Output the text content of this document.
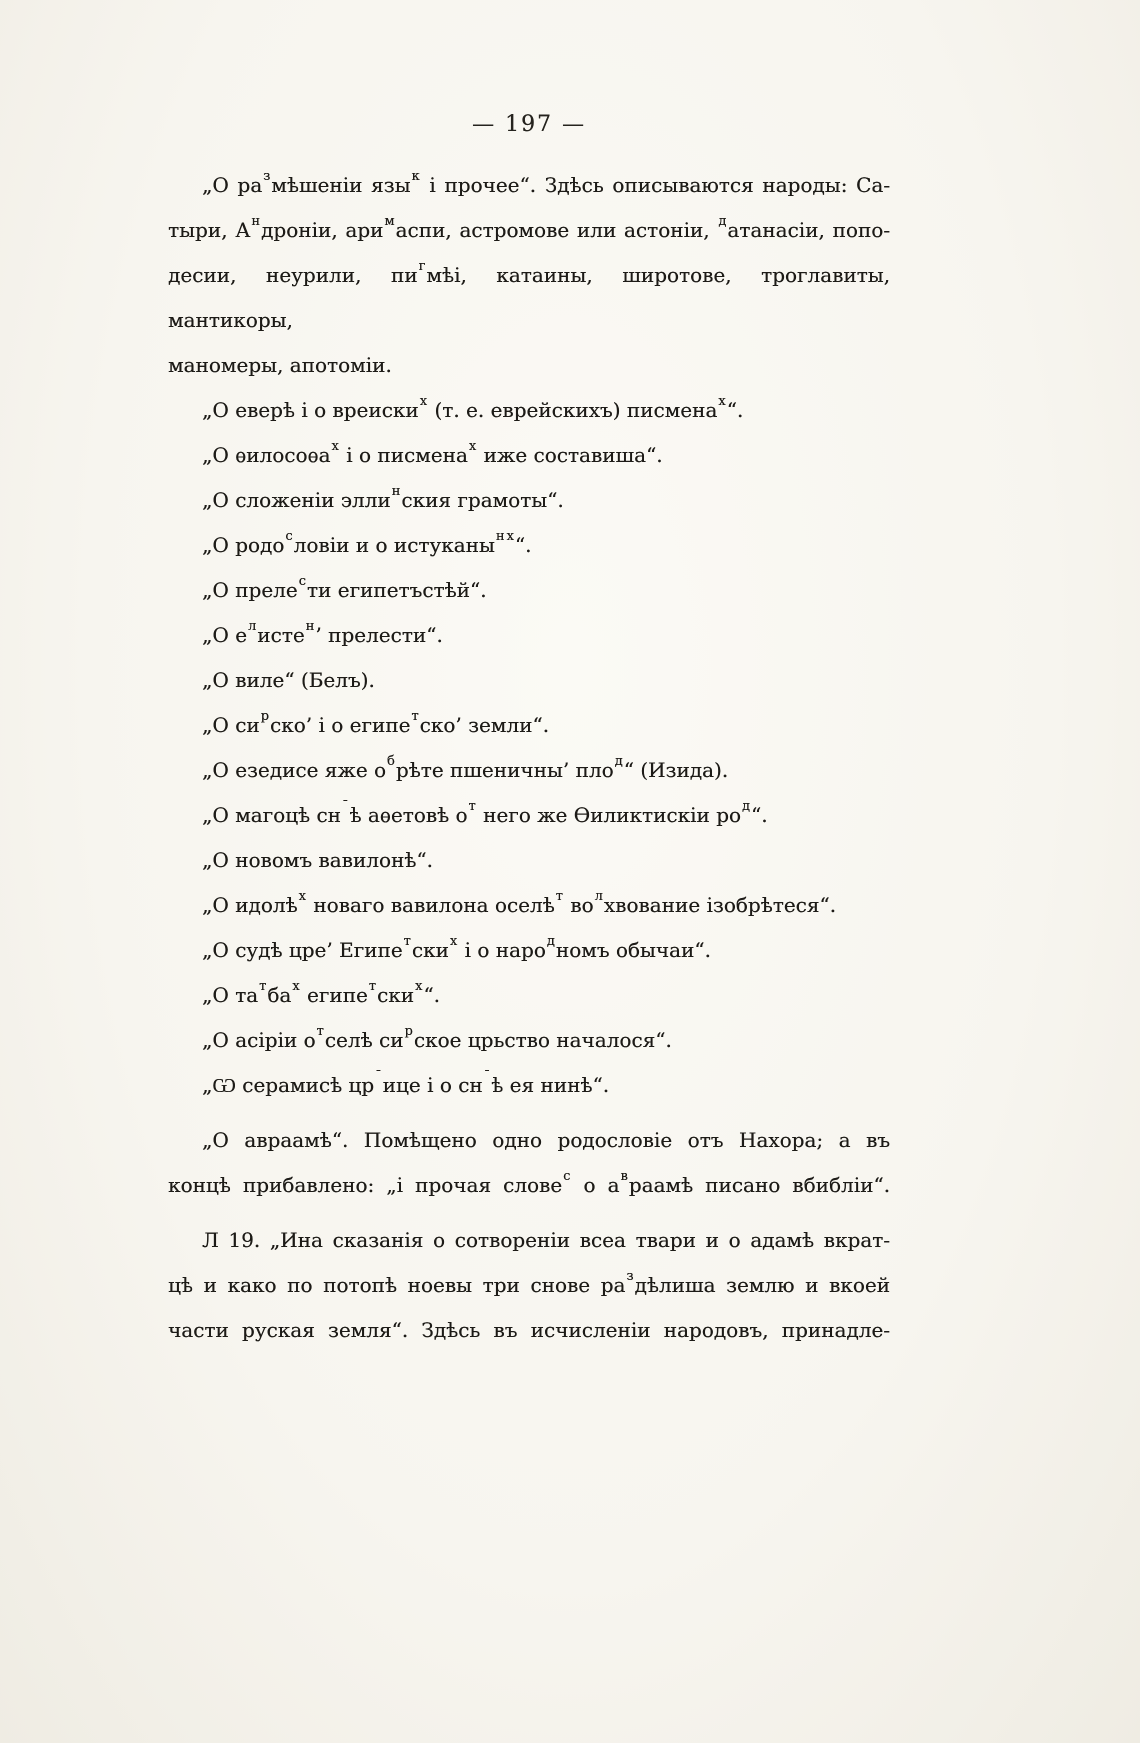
— 197 —
„О размѣшеніи язык і прочее“. Здѣсь описываются народы: Са-
тыри, Андроніи, аримаспи, астромове или астоніи, датанасіи, попо-
десии, неурили, пигмѣі, катаины, широтове, троглавиты, мантикоры,
маномеры, апотоміи.
„О еверѣ і о вреиских (т. е. еврейскихъ) писменах“.
„О ѳилосоѳах і о писменах иже составиша“.
„О сложеніи эллинския грамоты“.
„О родословіи и о истуканын х“.
„О прелести египетъстѣй“.
„О елистен’ прелести“.
„О виле“ (Белъ).
„О сирско’ і о египетско’ земли“.
„О езедисе яже обрѣте пшеничны’ плод“ (Изида).
„О магоцѣ снˉѣ аѳетовѣ от него же Ѳиликтискіи род“.
„О новомъ вавилонѣ“.
„О идолѣх новаго вавилона оселѣт волхвование ізобрѣтеся“.
„О судѣ цре’ Египетских і о народномъ обычаи“.
„О татбах египетских“.
„О асіріи отселѣ сирское црьство началося“.
„Ѡ серамисѣ црˉице і о снˉѣ ея нинѣ“.
„О авраамѣ“. Помѣщено одно родословіе отъ Нахора; а въ
концѣ прибавлено: „і прочая словес о авраамѣ писано вбибліи“.
Л 19. „Ина сказанія о сотвореніи всеа твари и о адамѣ вкрат-
цѣ и како по потопѣ ноевы три снове раздѣлиша землю и вкоей
части руская земля“. Здѣсь въ исчисленіи народовъ, принадле-
